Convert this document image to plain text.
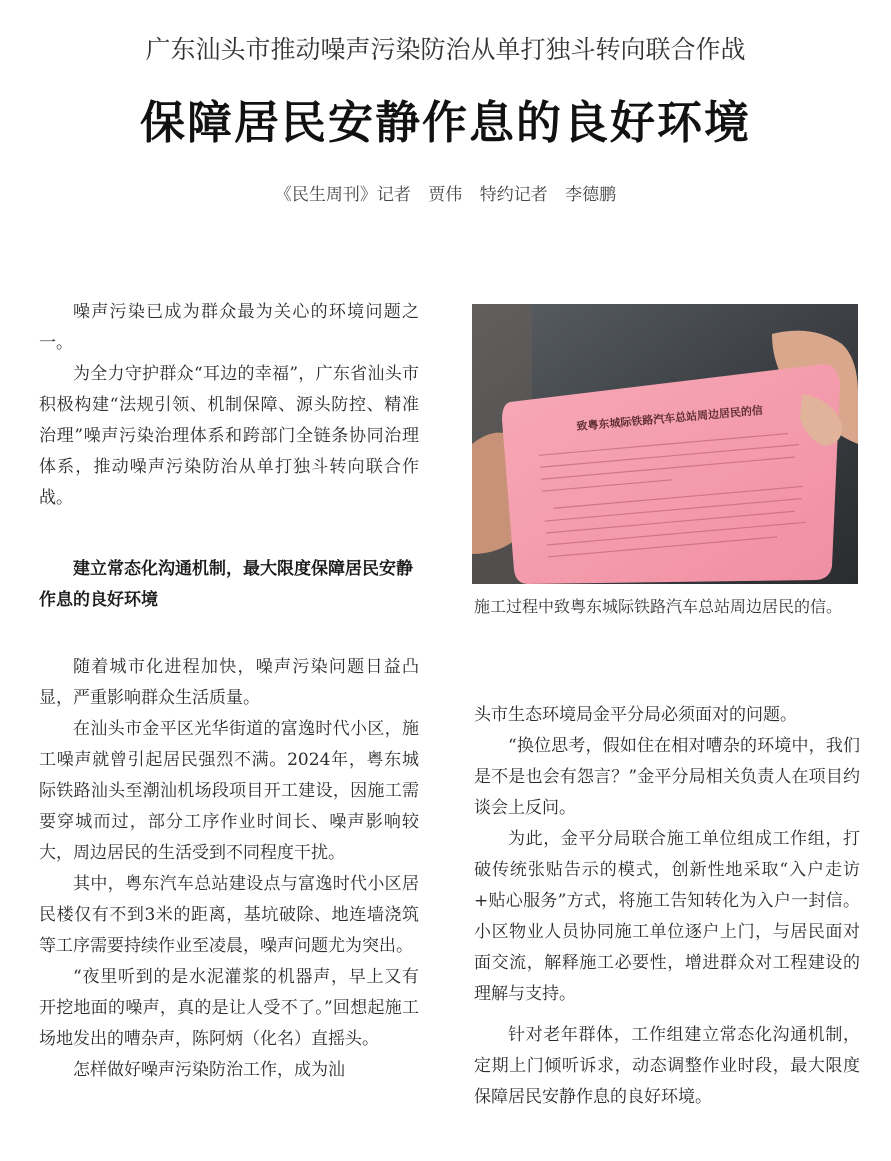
广东汕头市推动噪声污染防治从单打独斗转向联合作战
保障居民安静作息的良好环境
《民生周刊》记者 贾伟 特约记者 李德鹏

噪声污染已成为群众最为关心的环境问题之一。

为全力守护群众“耳边的幸福”，广东省汕头市积极构建“法规引领、机制保障、源头防控、精准治理”噪声污染治理体系和跨部门全链条协同治理体系，推动噪声污染防治从单打独斗转向联合作战。

建立常态化沟通机制，最大限度保障居民安静作息的良好环境

随着城市化进程加快，噪声污染问题日益凸显，严重影响群众生活质量。

在汕头市金平区光华街道的富逸时代小区，施工噪声就曾引起居民强烈不满。2024年，粤东城际铁路汕头至潮汕机场段项目开工建设，因施工需要穿城而过，部分工序作业时间长、噪声影响较大，周边居民的生活受到不同程度干扰。

其中，粤东汽车总站建设点与富逸时代小区居民楼仅有不到3米的距离，基坑破除、地连墙浇筑等工序需要持续作业至凌晨，噪声问题尤为突出。

“夜里听到的是水泥灌浆的机器声，早上又有开挖地面的噪声，真的是让人受不了。”回想起施工场地发出的嘈杂声，陈阿炳（化名）直摇头。

怎样做好噪声污染防治工作，成为汕

致粤东城际铁路汽车总站周边居民的信
施工过程中致粤东城际铁路汽车总站周边居民的信。

头市生态环境局金平分局必须面对的问题。

“换位思考，假如住在相对嘈杂的环境中，我们是不是也会有怨言？”金平分局相关负责人在项目约谈会上反问。

为此，金平分局联合施工单位组成工作组，打破传统张贴告示的模式，创新性地采取“入户走访+贴心服务”方式，将施工告知转化为入户一封信。小区物业人员协同施工单位逐户上门，与居民面对面交流，解释施工必要性，增进群众对工程建设的理解与支持。

针对老年群体，工作组建立常态化沟通机制，定期上门倾听诉求，动态调整作业时段，最大限度保障居民安静作息的良好环境。
